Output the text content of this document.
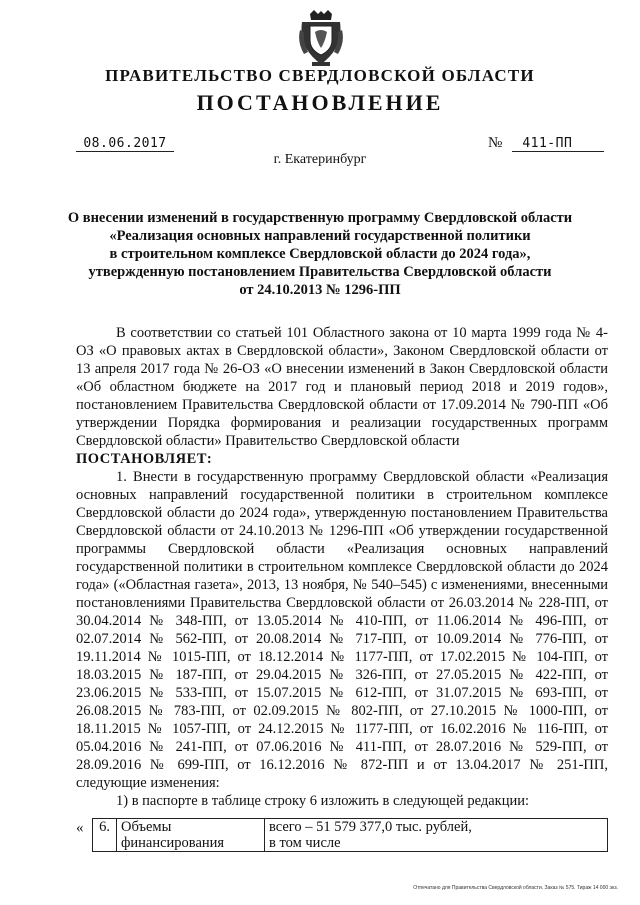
ПРАВИТЕЛЬСТВО СВЕРДЛОВСКОЙ ОБЛАСТИ
ПОСТАНОВЛЕНИЕ
08.06.2017	№ 411-ПП
г. Екатеринбург
О внесении изменений в государственную программу Свердловской области
«Реализация основных направлений государственной политики
в строительном комплексе Свердловской области до 2024 года»,
утвержденную постановлением Правительства Свердловской области
от 24.10.2013 № 1296-ПП

В соответствии со статьей 101 Областного закона от 10 марта 1999 года № 4-ОЗ «О правовых актах в Свердловской области», Законом Свердловской области от 13 апреля 2017 года № 26-ОЗ «О внесении изменений в Закон Свердловской области «Об областном бюджете на 2017 год и плановый период 2018 и 2019 годов», постановлением Правительства Свердловской области от 17.09.2014 № 790-ПП «Об утверждении Порядка формирования и реализации государственных программ Свердловской области» Правительство Свердловской области

ПОСТАНОВЛЯЕТ:

1. Внести в государственную программу Свердловской области «Реализация основных направлений государственной политики в строительном комплексе Свердловской области до 2024 года», утвержденную постановлением Правительства Свердловской области от 24.10.2013 № 1296-ПП «Об утверждении государственной программы Свердловской области «Реализация основных направлений государственной политики в строительном комплексе Свердловской области до 2024 года» («Областная газета», 2013, 13 ноября, № 540–545) с изменениями, внесенными постановлениями Правительства Свердловской области от 26.03.2014 № 228-ПП, от 30.04.2014 № 348-ПП, от 13.05.2014 № 410-ПП, от 11.06.2014 № 496-ПП, от 02.07.2014 № 562-ПП, от 20.08.2014 № 717-ПП, от 10.09.2014 № 776-ПП, от 19.11.2014 № 1015-ПП, от 18.12.2014 № 1177-ПП, от 17.02.2015 № 104-ПП, от 18.03.2015 № 187-ПП, от 29.04.2015 № 326-ПП, от 27.05.2015 № 422-ПП, от 23.06.2015 № 533-ПП, от 15.07.2015 № 612-ПП, от 31.07.2015 № 693-ПП, от 26.08.2015 № 783-ПП, от 02.09.2015 № 802-ПП, от 27.10.2015 № 1000-ПП, от 18.11.2015 № 1057-ПП, от 24.12.2015 № 1177-ПП, от 16.02.2016 № 116-ПП, от 05.04.2016 № 241-ПП, от 07.06.2016 № 411-ПП, от 28.07.2016 № 529-ПП, от 28.09.2016 № 699-ПП, от 16.12.2016 № 872-ПП и от 13.04.2017 № 251-ПП, следующие изменения:

1) в паспорте в таблице строку 6 изложить в следующей редакции:

«	6. Объемы финансирования
всего – 51 579 377,0 тыс. рублей,
в том числе
Отпечатано для Правительства Свердловской области. Заказ № 575. Тираж 14 000 экз.
